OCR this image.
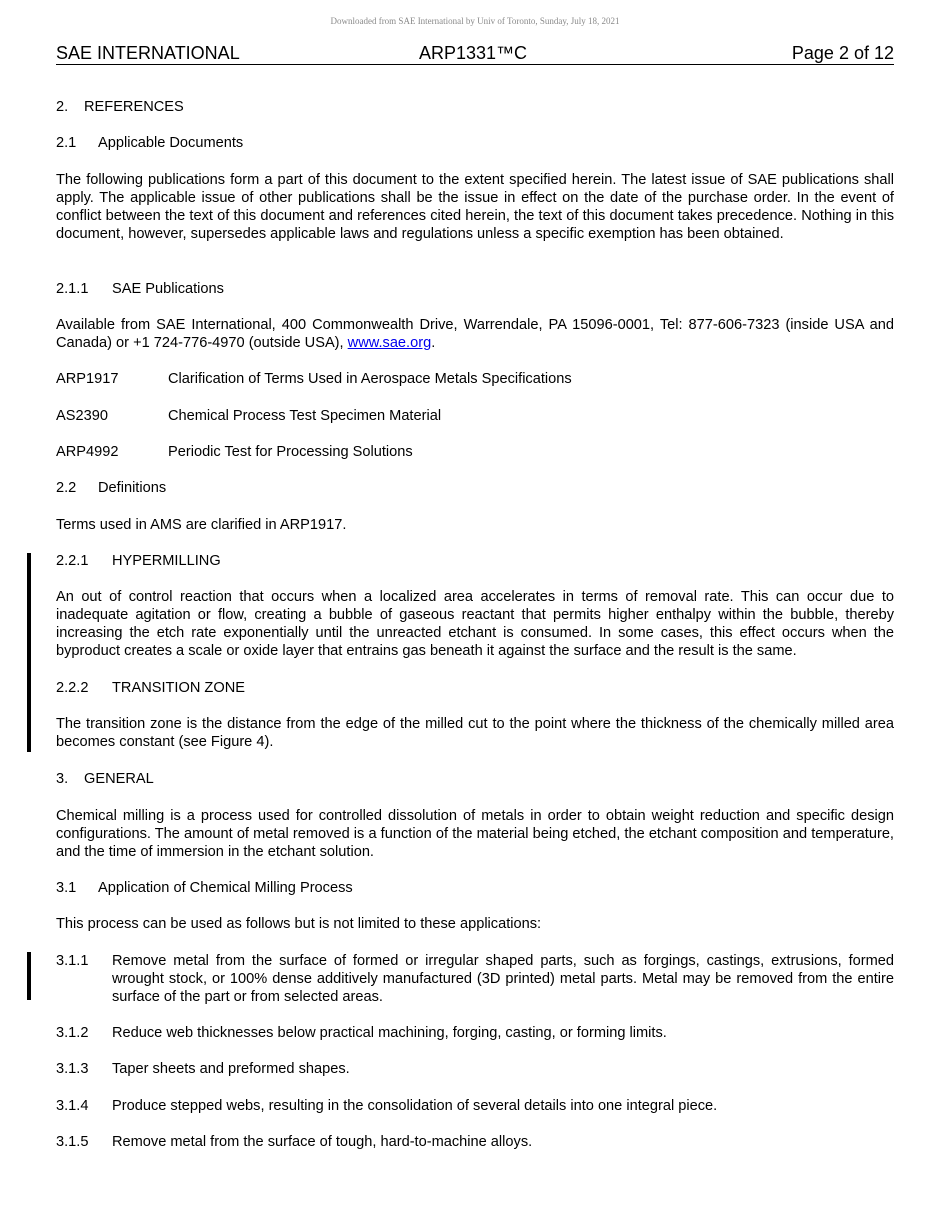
Downloaded from SAE International by Univ of Toronto, Sunday, July 18, 2021
SAE INTERNATIONAL	ARP1331™C	Page 2 of 12
2. REFERENCES
2.1 Applicable Documents

The following publications form a part of this document to the extent specified herein. The latest issue of SAE publications shall apply. The applicable issue of other publications shall be the issue in effect on the date of the purchase order. In the event of conflict between the text of this document and references cited herein, the text of this document takes precedence. Nothing in this document, however, supersedes applicable laws and regulations unless a specific exemption has been obtained.

2.1.1 SAE Publications

Available from SAE International, 400 Commonwealth Drive, Warrendale, PA 15096-0001, Tel: 877-606-7323 (inside USA and Canada) or +1 724-776-4970 (outside USA), www.sae.org.

ARP1917	Clarification of Terms Used in Aerospace Metals Specifications
AS2390	Chemical Process Test Specimen Material
ARP4992	Periodic Test for Processing Solutions
2.2 Definitions

Terms used in AMS are clarified in ARP1917.

2.2.1 HYPERMILLING

An out of control reaction that occurs when a localized area accelerates in terms of removal rate. This can occur due to inadequate agitation or flow, creating a bubble of gaseous reactant that permits higher enthalpy within the bubble, thereby increasing the etch rate exponentially until the unreacted etchant is consumed. In some cases, this effect occurs when the byproduct creates a scale or oxide layer that entrains gas beneath it against the surface and the result is the same.

2.2.2 TRANSITION ZONE

The transition zone is the distance from the edge of the milled cut to the point where the thickness of the chemically milled area becomes constant (see Figure 4).

3. GENERAL

Chemical milling is a process used for controlled dissolution of metals in order to obtain weight reduction and specific design configurations. The amount of metal removed is a function of the material being etched, the etchant composition and temperature, and the time of immersion in the etchant solution.

3.1 Application of Chemical Milling Process

This process can be used as follows but is not limited to these applications:

3.1.1 Remove metal from the surface of formed or irregular shaped parts, such as forgings, castings, extrusions, formed wrought stock, or 100% dense additively manufactured (3D printed) metal parts. Metal may be removed from the entire surface of the part or from selected areas.
3.1.2 Reduce web thicknesses below practical machining, forging, casting, or forming limits.
3.1.3 Taper sheets and preformed shapes.
3.1.4 Produce stepped webs, resulting in the consolidation of several details into one integral piece.
3.1.5 Remove metal from the surface of tough, hard-to-machine alloys.
